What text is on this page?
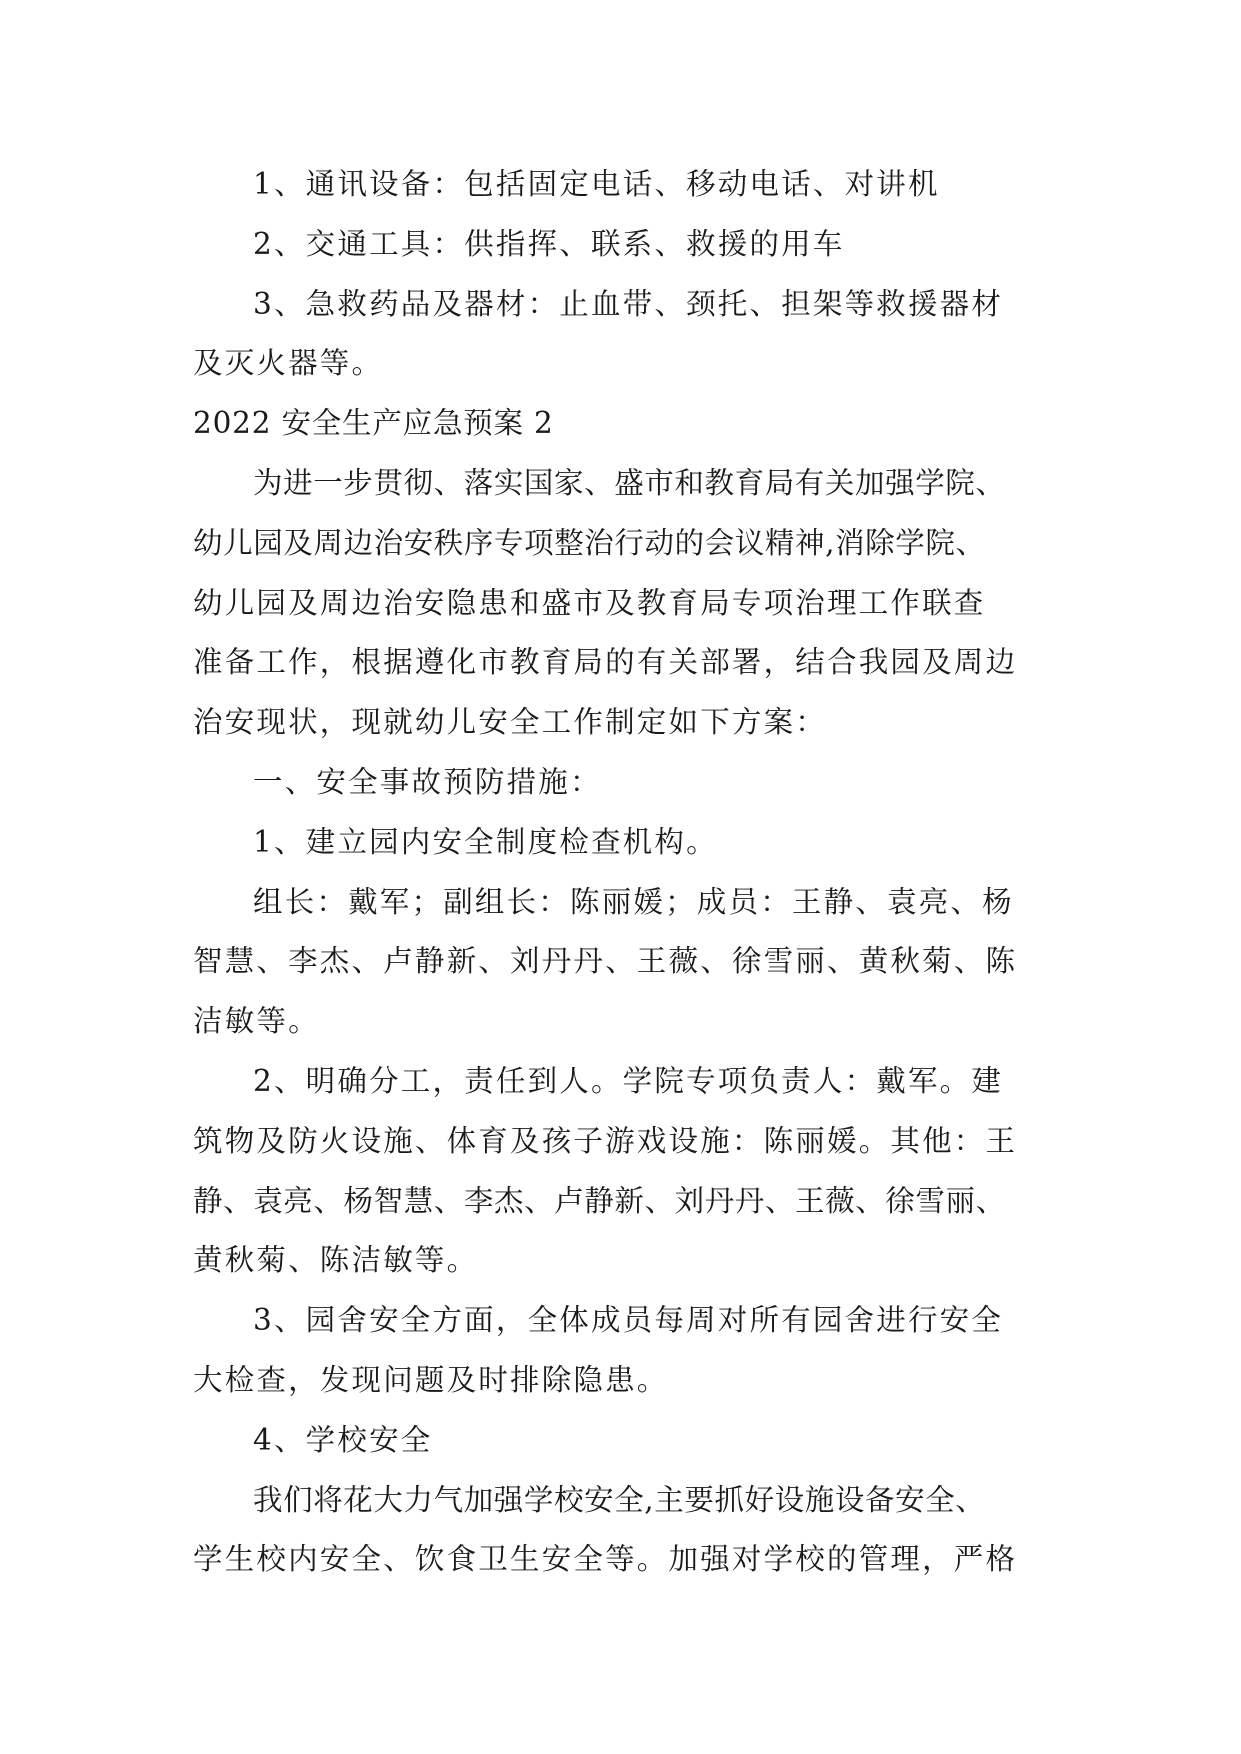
1、通讯设备：包括固定电话、移动电话、对讲机
2、交通工具：供指挥、联系、救援的用车
3、急救药品及器材：止血带、颈托、担架等救援器材
及灭火器等。
2022 安全生产应急预案 2
为进一步贯彻、落实国家、盛市和教育局有关加强学院、
幼儿园及周边治安秩序专项整治行动的会议精神,消除学院、
幼儿园及周边治安隐患和盛市及教育局专项治理工作联查
准备工作，根据遵化市教育局的有关部署，结合我园及周边
治安现状，现就幼儿安全工作制定如下方案：
一、安全事故预防措施：
1、建立园内安全制度检查机构。
组长：戴军；副组长：陈丽媛；成员：王静、袁亮、杨
智慧、李杰、卢静新、刘丹丹、王薇、徐雪丽、黄秋菊、陈
洁敏等。
2、明确分工，责任到人。学院专项负责人：戴军。建
筑物及防火设施、体育及孩子游戏设施：陈丽媛。其他：王
静、袁亮、杨智慧、李杰、卢静新、刘丹丹、王薇、徐雪丽、
黄秋菊、陈洁敏等。
3、园舍安全方面，全体成员每周对所有园舍进行安全
大检查，发现问题及时排除隐患。
4、学校安全
我们将花大力气加强学校安全,主要抓好设施设备安全、
学生校内安全、饮食卫生安全等。加强对学校的管理，严格
